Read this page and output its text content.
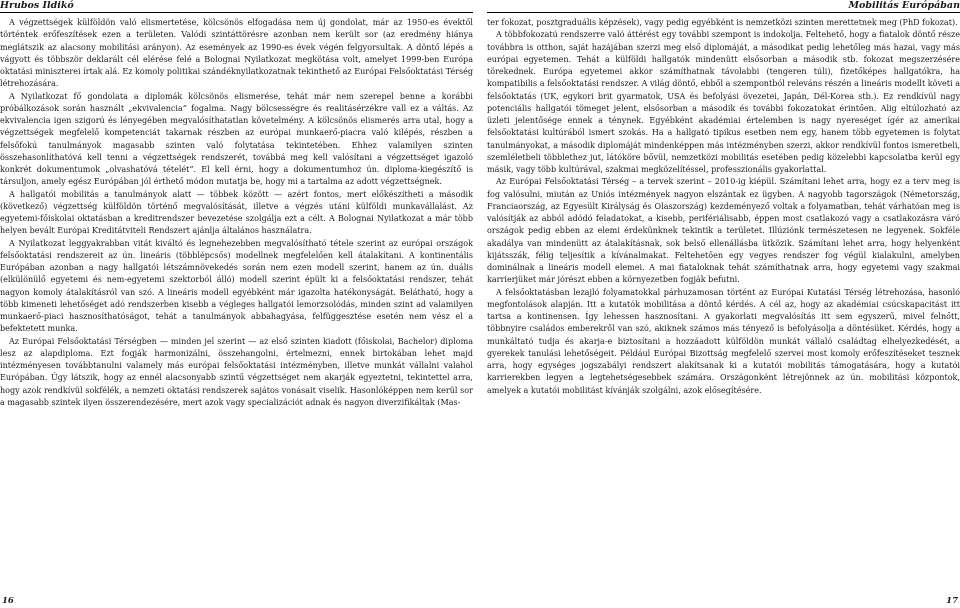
Hrubos Ildikó

A végzettségek külföldön való elismertetése, kölcsönös elfogadása nem új gondolat, már az 1950-es évektől történtek erőfeszítések ezen a területen. Valódi szintáttörésre azonban nem került sor (az eredmény hiánya meglátszik az alacsony mobilitási arányon). Az események az 1990-es évek végén felgyorsultak. A döntő lépés a vágyott és többször deklarált cél elérése felé a Bolognai Nyilatkozat megkötása volt, amelyet 1999-ben Európa oktatási miniszterei írtak alá. Ez komoly politikai szándéknyilatkozatnak tekinthető az Európai Felsőoktatási Térség létrehozására.

A Nyilatkozat fő gondolata a diplomák kölcsönös elismerése, tehát már nem szerepel benne a korábbi próbálkozások során használt „ekvivalencia” fogalma. Nagy bölcsességre és realitásérzékre vall ez a váltás. Az ekvivalencia igen szigorú és lényegében megvalósíthatatlan követelmény. A kölcsönös elismerés arra utal, hogy a végzettségek megfelelő kompetenciát takarnak részben az európai munkaerő-piacra való kilépés, részben a felsőfokú tanulmányok magasabb szinten való folytatása tekintetében. Ehhez valamilyen szinten összehasonlíthatóvá kell tenni a végzettségek rendszerét, továbbá meg kell valósítani a végzettséget igazoló konkrét dokumentumok „olvashatóvá tételét”. El kell érni, hogy a dokumentumhoz ún. diploma-kiegészítő is társuljon, amely egész Európában jól érthető módon mutatja be, hogy mi a tartalma az adott végzettségnek.

A hallgatói mobilitás a tanulmányok alatt — többek között — azért fontos, mert előkészítheti a második (következő) végzettség külföldön történő megvalósítását, illetve a végzés utáni külföldi munkavállalást. Az egyetemi-főiskolai oktatásban a kreditrendszer bevezetése szolgálja ezt a célt. A Bolognai Nyilatkozat a már több helyen bevált Európai Kreditátviteli Rendszert ajánlja általános használatra.

A Nyilatkozat leggyakrabban vitát kiváltó és legnehezebben megvalósítható tétele szerint az európai országok felsőoktatási rendszereit az ún. lineáris (többlépcsős) modellnek megfelelően kell átalakítani. A kontinentális Európában azonban a nagy hallgatói létszámnövekedés során nem ezen modell szerint, hanem az ún. duális (elkülönülő egyetemi és nem-egyetemi szektorból álló) modell szerint épült ki a felsőoktatási rendszer, tehát nagyon komoly átalakításról van szó. A lineáris modell egyébként már igazolta hatékonyságát. Belátható, hogy a több kimeneti lehetőséget adó rendszerben kisebb a végleges hallgatói lemorzsolódás, minden szint ad valamilyen munkaerő-piaci hasznosíthatóságot, tehát a tanulmányok abbahagyása, felfüggesztése esetén nem vész el a befektetett munka.

Az Európai Felsőoktatási Térségben — minden jel szerint — az első szinten kiadott (főiskolai, Bachelor) diploma lesz az alapdiploma. Ezt fogják harmonizálni, összehangolni, értelmezni, ennek birtokában lehet majd intézményesen továbbtanulni valamely más európai felsőoktatási intézményben, illetve munkát vállalni valahol Európában. Úgy látszik, hogy az ennél alacsonyabb szintű végzettséget nem akarják egyeztetni, tekintettel arra, hogy azok rendkívül sokfélék, a nemzeti oktatási rendszerek sajátos vonásait viselik. Hasonlóképpen nem kerül sor a magasabb szintek ilyen összerendezésére, mert azok vagy specializációt adnak és nagyon diverzifikáltak (Mas-

16
Mobilitás Európában

ter fokozat, posztgraduális képzések), vagy pedig egyébként is nemzetközi szinten merettetnek meg (PhD fokozat).

A többfokozatú rendszerre való áttérést egy további szempont is indokolja. Feltehető, hogy a fiatalok döntő része továbbra is otthon, saját hazájában szerzi meg első diplomáját, a másodikat pedig lehetőleg más hazai, vagy más európai egyetemen. Tehát a külföldi hallgatók mindenütt elsősorban a második stb. fokozat megszerzésére törekednek. Európa egyetemei akkor számíthatnak távolabbi (tengeren túli), fizetőképes hallgatókra, ha kompatibilis a felsőoktatási rendszer. A világ döntő, ebből a szempontból releváns részén a lineáris modellt követi a felsőoktatás (UK, egykori brit gyarmatok, USA és befolyási övezetei, Japán, Dél-Korea stb.). Ez rendkívül nagy potenciális hallgatói tömeget jelent, elsősorban a második és további fokozatokat érintően. Alig eltúlozható az üzleti jelentősége ennek a ténynek. Egyébként akadémiai értelemben is nagy nyereséget ígér az amerikai felsőoktatási kultúrából ismert szokás. Ha a hallgató tipikus esetben nem egy, hanem több egyetemen is folytat tanulmányokat, a második diplomáját mindenképpen más intézményben szerzi, akkor rendkívül fontos ismeretbeli, szemléletbeli többlethez jut, látóköre bővül, nemzetközi mobilitás esetében pedig közelebbi kapcsolatba kerül egy másik, vagy több kultúrával, szakmai megközelítéssel, professzionális gyakorlattal.

Az Európai Felsőoktatási Térség – a tervek szerint – 2010-ig kiépül. Számítani lehet arra, hogy ez a terv meg is fog valósulni, miután az Uniós intézmények nagyon elszántak ez ügyben. A nagyobb tagországok (Németország, Franciaország, az Egyesült Királyság és Olaszország) kezdeményező voltak a folyamatban, tehát várhatóan meg is valósítják az abból adódó feladatokat, a kisebb, perifériálisabb, éppen most csatlakozó vagy a csatlakozásra váró országok pedig ebben az elemi érdekünknek tekintik a területet. Illúziónk természetesen ne legyenek. Sokféle akadálya van mindenütt az átalakításnak, sok belső ellenállásba ütközik. Számítani lehet arra, hogy helyenként kijátsszák, félig teljesítik a kívánalmakat. Feltehetően egy vegyes rendszer fog végül kialakulni, amelyben dominálnak a lineáris modell elemei. A mai fiataloknak tehát számíthatnak arra, hogy egyetemi vagy szakmai karrierjüket már jórészt ebben a környezetben fogják befutni.

A felsőoktatásban lezajló folyamatokkal párhuzamosan történt az Európai Kutatási Térség létrehozása, hasonló megfontolások alapján. Itt a kutatók mobilitása a döntő kérdés. A cél az, hogy az akadémiai csúcskapacitást itt tartsa a kontinensen. Így lehessen hasznosítani. A gyakorlati megvalósítás itt sem egyszerű, mivel felnőtt, többnyire családos emberekről van szó, akiknek számos más tényező is befolyásolja a döntésüket. Kérdés, hogy a munkáltató tudja és akarja-e biztosítani a hozzáadott külföldön munkát vállaló családtag elhelyezkedését, a gyerekek tanulási lehetőségeit. Például Európai Bizottság megfelelő szervei most komoly erőfeszítéseket tesznek arra, hogy egységes jogszabályi rendszert alakítsanak ki a kutatói mobilitás támogatására, hogy a kutatói karrierekben legyen a legtehetségesebbek számára. Országonként létrejönnek az ún. mobilitási központok, amelyek a kutatói mobilitást kívánják szolgálni, azok elősegítésére.

17
